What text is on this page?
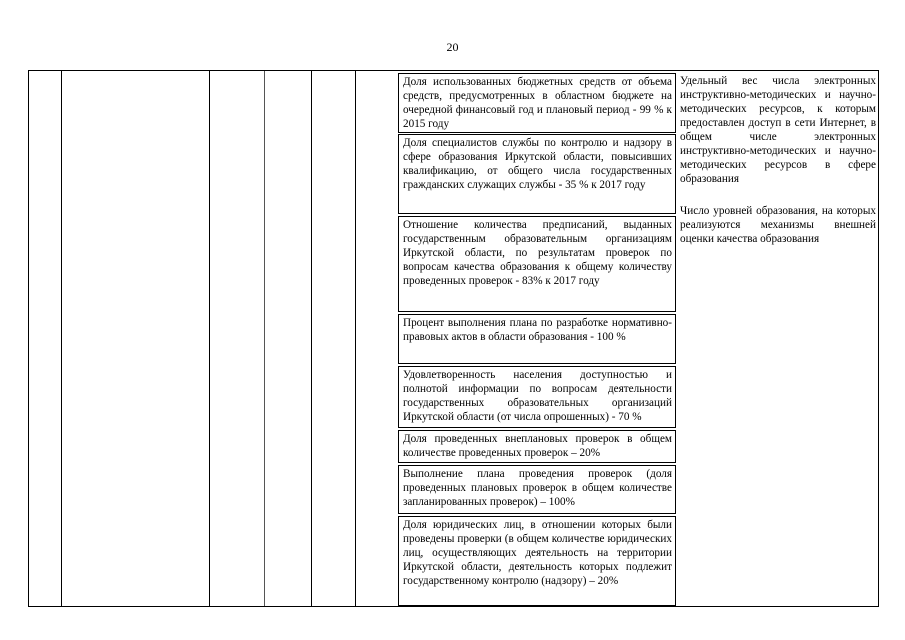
20
Доля использованных бюджетных средств от объема средств, предусмотренных в областном бюджете на очередной финансовый год и плановый период - 99 % к 2015 году
Доля специалистов службы по контролю и надзору в сфере образования Иркутской области, повысивших квалификацию, от общего числа государственных гражданских служащих службы - 35 % к 2017 году
Отношение количества предписаний, выданных государственным образовательным организациям Иркутской области, по результатам проверок по вопросам качества образования к общему количеству проведенных проверок - 83% к 2017 году
Процент выполнения плана по разработке нормативно-правовых актов в области образования - 100 %
Удовлетворенность населения доступностью и полнотой информации по вопросам деятельности государственных образовательных организаций Иркутской области (от числа опрошенных) - 70 %
Доля проведенных внеплановых проверок в общем количестве проведенных проверок – 20%
Выполнение плана проведения проверок (доля проведенных плановых проверок в общем количестве запланированных проверок) – 100%
Доля юридических лиц, в отношении которых были проведены проверки (в общем количестве юридических лиц, осуществляющих деятельность на территории Иркутской области, деятельность которых подлежит государственному контролю (надзору) – 20%

Удельный вес числа электронных инструктивно-методических и научно-методических ресурсов, к которым предоставлен доступ в сети Интернет, в общем числе электронных инструктивно-методических и научно-методических ресурсов в сфере образования

Число уровней образования, на которых реализуются механизмы внешней оценки качества образования
